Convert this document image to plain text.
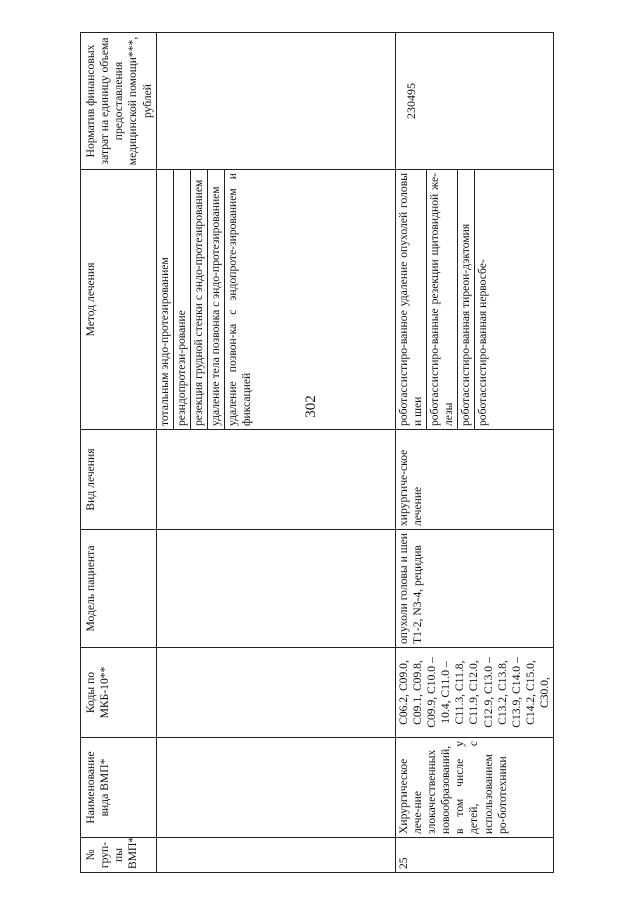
302
№ груп-пы ВМП*	Наименование вида ВМП*	Коды по МКБ-10**	Модель пациента	Вид лечения	Метод лечения	Норматив финансовых затрат на единицу объема предоставления медицинской помощи***, рублей

					тотальным эндо-протезированием резндопротези-рование резекция грудной стенки с эндо-протезированием удаление тела позвонка с эндо-протезированием удаление позвон-ка с эндопроте-зированием и фиксацией	

25	Хирургическое лече-ние злокачественных новообразований, в том числе у детей, с использованием ро-бототехники	C06.2, C09.0, C09.1, C09.8, C09.9, C10.0 – 10.4, C11.0 – C11.3, C11.8, C11.9, C12.0, C12.9, C13.0 – C13.2, C13.8, C13.9, C14.0 – C14.2, C15.0, C30.0,	опухоли головы и шеи T1-2, N3-4, рецидив	хирургиче-ское лечение	роботассистиро-ванное удаление опухолей головы и шеи роботассистиро-ванные резекции щитовидной же-лезы роботассистиро-ванная тиреои-дэктомия роботассистиро-ванная нервосбе-	230495
